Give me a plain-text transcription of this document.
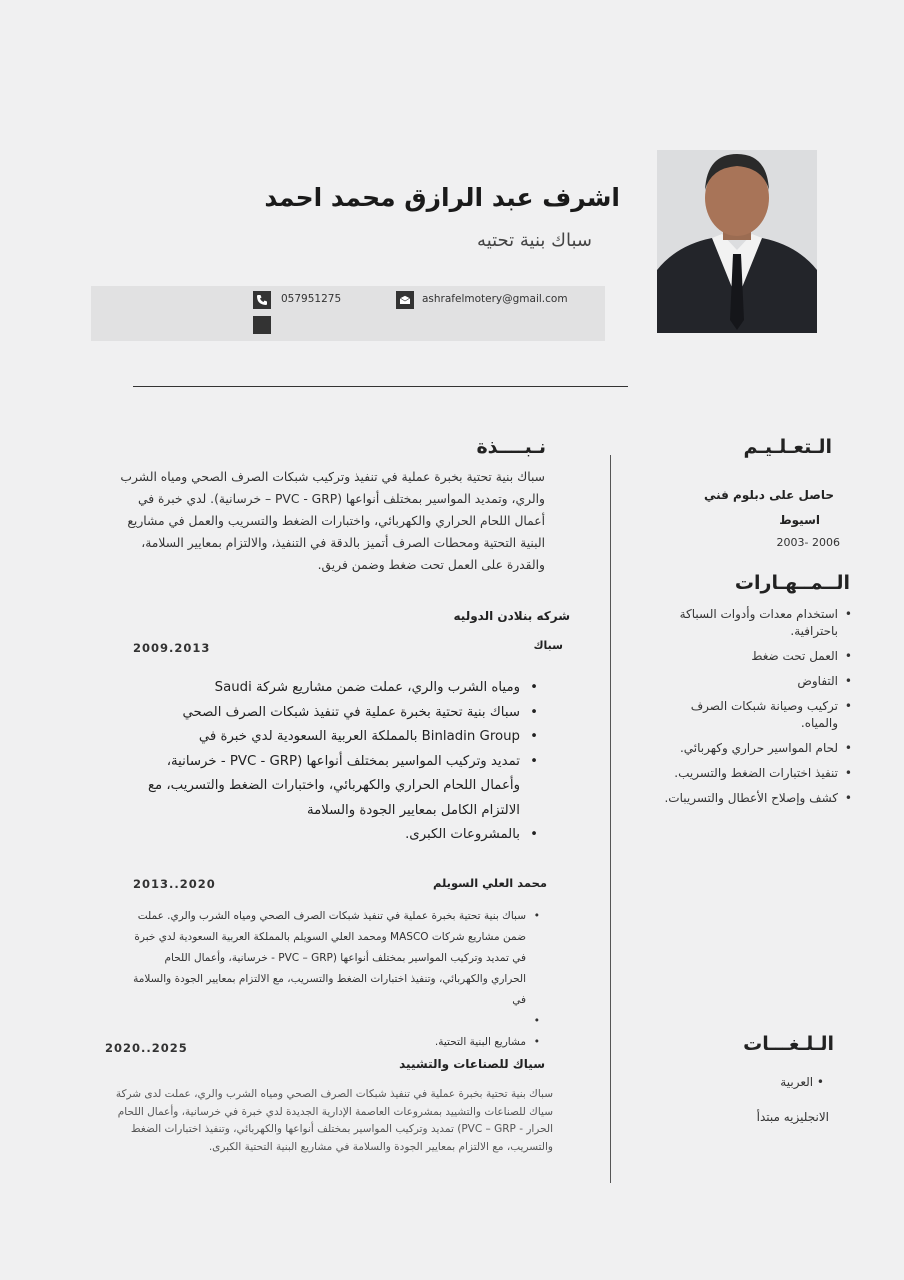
اشرف عبد الرازق محمد احمد
سباك بنية تحتيه
057951275	ashrafelmotery@gmail.com
الـتعـلـيـم
حاصل على دبلوم فني
اسيوط
2003- 2006
الــمــهـارات
• استخدام معدات وأدوات السباكة باحترافية.
• العمل تحت ضغط
• التفاوض
• تركيب وصيانة شبكات الصرف والمياه.
• لحام المواسير حراري وكهربائي.
• تنفيذ اختبارات الضغط والتسريب.
• كشف وإصلاح الأعطال والتسريبات.
الـلـغـــات
• العربية
الانجليزيه مبتدأ
نـبــــذة
سباك بنية تحتية بخبرة عملية في تنفيذ وتركيب شبكات الصرف الصحي ومياه الشرب والري، وتمديد المواسير بمختلف أنواعها (PVC - GRP – خرسانية). لدي خبرة في أعمال اللحام الحراري والكهربائي، واختبارات الضغط والتسريب والعمل في مشاريع البنية التحتية ومحطات الصرف أتميز بالدقة في التنفيذ، والالتزام بمعايير السلامة، والقدرة على العمل تحت ضغط وضمن فريق.
شركه بنلادن الدوليه
2009.2013	سباك
• ومياه الشرب والري، عملت ضمن مشاريع شركة Saudi
• سباك بنية تحتية بخبرة عملية في تنفيذ شبكات الصرف الصحي
• Binladin Group بالمملكة العربية السعودية لدي خبرة في
• تمديد وتركيب المواسير بمختلف أنواعها (PVC - GRP - خرسانية، وأعمال اللحام الحراري والكهربائي، واختبارات الضغط والتسريب، مع الالتزام الكامل بمعايير الجودة والسلامة
• بالمشروعات الكبرى.
محمد العلي السويلم
2013..2020
• سباك بنية تحتية بخبرة عملية في تنفيذ شبكات الصرف الصحي ومياه الشرب والري. عملت ضمن مشاريع شركات MASCO ومحمد العلي السويلم بالمملكة العربية السعودية لدي خبرة في تمديد وتركيب المواسير بمختلف أنواعها (PVC – GRP - خرسانية، وأعمال اللحام الحراري والكهربائي، وتنفيذ اختبارات الضغط والتسريب، مع الالتزام بمعايير الجودة والسلامة في
•
• مشاريع البنية التحتية.
2020..2025
سياك للصناعات والتشييد
سباك بنية تحتية بخبرة عملية في تنفيذ شبكات الصرف الصحي ومياه الشرب والري، عملت لدى شركة سياك للصناعات والتشييد بمشروعات العاصمة الإدارية الجديدة لدي خبرة في خرسانية، وأعمال اللحام الحرار - PVC – GRP) تمديد وتركيب المواسير بمختلف أنواعها والكهربائي، وتنفيذ اختبارات الضغط والتسريب، مع الالتزام بمعايير الجودة والسلامة في مشاريع البنية التحتية الكبرى.
